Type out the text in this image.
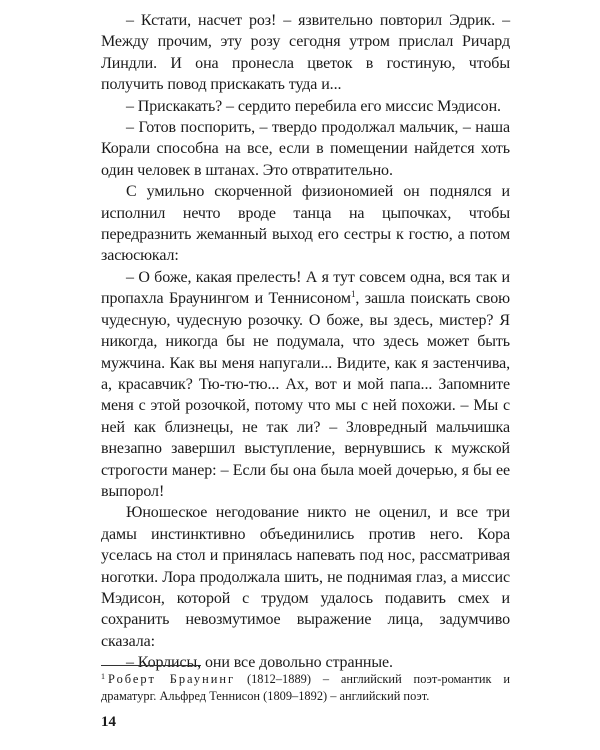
– Кстати, насчет роз! – язвительно повторил Эдрик. – Между прочим, эту розу сегодня утром прислал Ричард Линдли. И она пронесла цветок в гостиную, чтобы получить повод прискакать туда и...

– Прискакать? – сердито перебила его миссис Мэдисон.

– Готов поспорить, – твердо продолжал мальчик, – наша Корали способна на все, если в помещении найдется хоть один человек в штанах. Это отвратительно.

С умильно скорченной физиономией он поднялся и исполнил нечто вроде танца на цыпочках, чтобы передразнить жеманный выход его сестры к гостю, а потом засюсюкал:

– О боже, какая прелесть! А я тут совсем одна, вся так и пропахла Браунингом и Теннисоном$^1$, зашла поискать свою чудесную, чудесную розочку. О боже, вы здесь, мистер? Я никогда, никогда бы не подумала, что здесь может быть мужчина. Как вы меня напугали... Видите, как я застенчива, а, красавчик? Тю-тю-тю... Ах, вот и мой папа... Запомните меня с этой розочкой, потому что мы с ней похожи. – Мы с ней как близнецы, не так ли? – Зловредный мальчишка внезапно завершил выступление, вернувшись к мужской строгости манер: – Если бы она была моей дочерью, я бы ее выпорол!

Юношеское негодование никто не оценил, и все три дамы инстинктивно объединились против него. Кора уселась на стол и принялась напевать под нос, рассматривая ноготки. Лора продолжала шить, не поднимая глаз, а миссис Мэдисон, которой с трудом удалось подавить смех и сохранить невозмутимое выражение лица, задумчиво сказала:

– Корлисы, они все довольно странные.

$^1$ Роберт Браунинг (1812–1889) – английский поэт-романтик и драматург. Альфред Теннисон (1809–1892) – английский поэт.

14
